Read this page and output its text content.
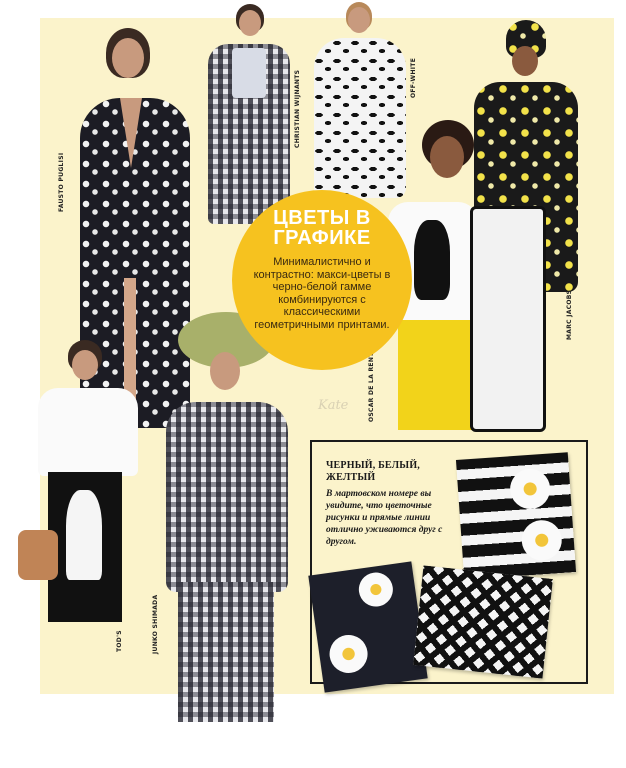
FAUSTO PUGLISI
CHRISTIAN WIJNANTS	OFF-WHITE
MARC JACOBS
OSCAR DE LA RENTA
TOD'S	JUNKO SHIMADA
ЦВЕТЫ В ГРАФИКЕ
Минималистично и контрастно: макси-цветы в черно-белой гамме комбинируются с классическими геометричными принтами.
Kate
ЧЕРНЫЙ, БЕЛЫЙ, ЖЕЛТЫЙ
В мартовском номере вы увидите, что цветочные рисунки и прямые линии отлично уживаются друг с другом.
